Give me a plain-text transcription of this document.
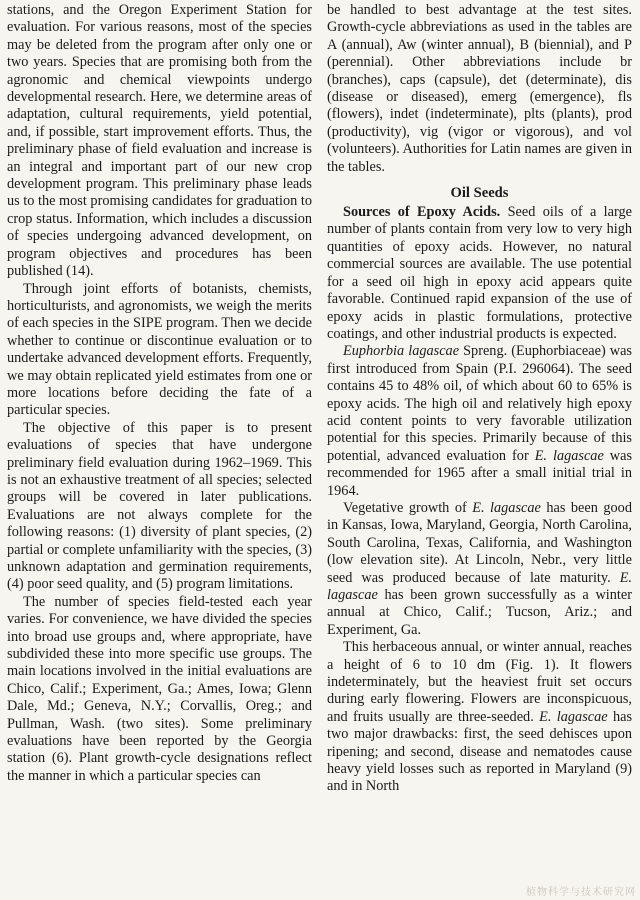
stations, and the Oregon Experiment Station for evaluation. For various reasons, most of the species may be deleted from the program after only one or two years. Species that are promising both from the agronomic and chemical viewpoints undergo developmental research. Here, we determine areas of adaptation, cultural requirements, yield potential, and, if possible, start improvement efforts. Thus, the preliminary phase of field evaluation and increase is an integral and important part of our new crop development program. This preliminary phase leads us to the most promising candidates for graduation to crop status. Information, which includes a discussion of species undergoing advanced development, on program objectives and procedures has been published (14).

Through joint efforts of botanists, chemists, horticulturists, and agronomists, we weigh the merits of each species in the SIPE program. Then we decide whether to continue or discontinue evaluation or to undertake advanced development efforts. Frequently, we may obtain replicated yield estimates from one or more locations before deciding the fate of a particular species.

The objective of this paper is to present evaluations of species that have undergone preliminary field evaluation during 1962–1969. This is not an exhaustive treatment of all species; selected groups will be covered in later publications. Evaluations are not always complete for the following reasons: (1) diversity of plant species, (2) partial or complete unfamiliarity with the species, (3) unknown adaptation and germination requirements, (4) poor seed quality, and (5) program limitations.

The number of species field-tested each year varies. For convenience, we have divided the species into broad use groups and, where appropriate, have subdivided these into more specific use groups. The main locations involved in the initial evaluations are Chico, Calif.; Experiment, Ga.; Ames, Iowa; Glenn Dale, Md.; Geneva, N.Y.; Corvallis, Oreg.; and Pullman, Wash. (two sites). Some preliminary evaluations have been reported by the Georgia station (6). Plant growth-cycle designations reflect the manner in which a particular species can

be handled to best advantage at the test sites. Growth-cycle abbreviations as used in the tables are A (annual), Aw (winter annual), B (biennial), and P (perennial). Other abbreviations include br (branches), caps (capsule), det (determinate), dis (disease or diseased), emerg (emergence), fls (flowers), indet (indeterminate), plts (plants), prod (productivity), vig (vigor or vigorous), and vol (volunteers). Authorities for Latin names are given in the tables.

Oil Seeds

Sources of Epoxy Acids. Seed oils of a large number of plants contain from very low to very high quantities of epoxy acids. However, no natural commercial sources are available. The use potential for a seed oil high in epoxy acid appears quite favorable. Continued rapid expansion of the use of epoxy acids in plastic formulations, protective coatings, and other industrial products is expected.

Euphorbia lagascae Spreng. (Euphorbiaceae) was first introduced from Spain (P.I. 296064). The seed contains 45 to 48% oil, of which about 60 to 65% is epoxy acids. The high oil and relatively high epoxy acid content points to very favorable utilization potential for this species. Primarily because of this potential, advanced evaluation for E. lagascae was recommended for 1965 after a small initial trial in 1964.

Vegetative growth of E. lagascae has been good in Kansas, Iowa, Maryland, Georgia, North Carolina, South Carolina, Texas, California, and Washington (low elevation site). At Lincoln, Nebr., very little seed was produced because of late maturity. E. lagascae has been grown successfully as a winter annual at Chico, Calif.; Tucson, Ariz.; and Experiment, Ga.

This herbaceous annual, or winter annual, reaches a height of 6 to 10 dm (Fig. 1). It flowers indeterminately, but the heaviest fruit set occurs during early flowering. Flowers are inconspicuous, and fruits usually are three-seeded. E. lagascae has two major drawbacks: first, the seed dehisces upon ripening; and second, disease and nematodes cause heavy yield losses such as reported in Maryland (9) and in North

植物科学与技术研究网
